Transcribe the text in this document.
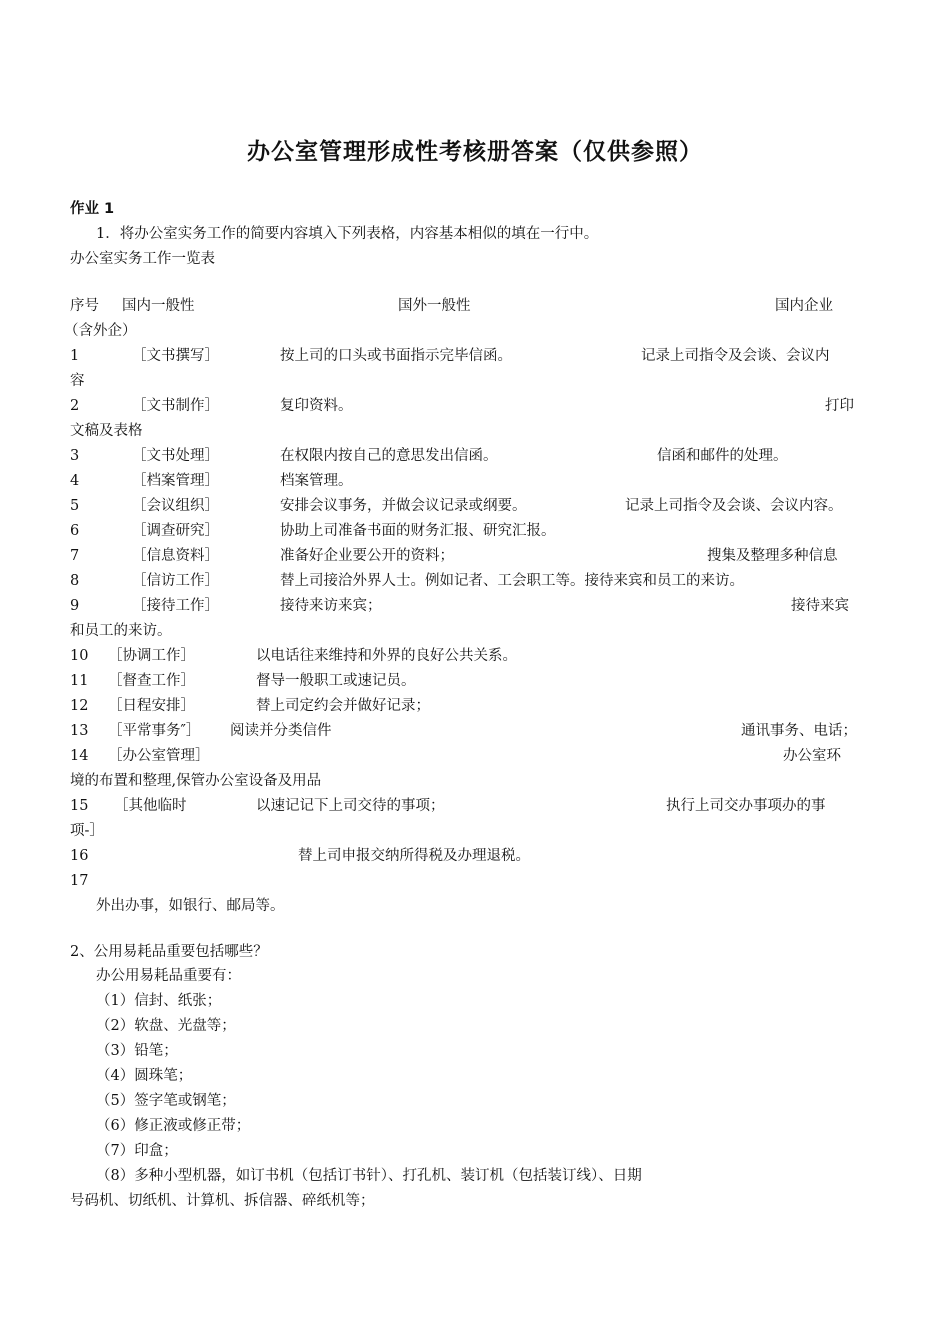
办公室管理形成性考核册答案（仅供参照）
作业 1
1．将办公室实务工作的简要内容填入下列表格，内容基本相似的填在一行中。
办公室实务工作一览表
序号 国内一般性	国外一般性	国内企业
（含外企）
1	［文书撰写］	按上司的口头或书面指示完毕信函。	记录上司指令及会谈、会议内
容
2	［文书制作］	复印资料。	打印
文稿及表格
3	［文书处理］	在权限内按自己的意思发出信函。	信函和邮件的处理。
4	［档案管理］	档案管理。
5	［会议组织］	安排会议事务，并做会议记录或纲要。	记录上司指令及会谈、会议内容。
6	［调查研究］	协助上司准备书面的财务汇报、研究汇报。
7	［信息资料］	准备好企业要公开的资料；	搜集及整理多种信息
8	［信访工作］	替上司接洽外界人士。例如记者、工会职工等。接待来宾和员工的来访。
9	［接待工作］	接待来访来宾；	接待来宾
和员工的来访。
10 ［协调工作］	以电话往来维持和外界的良好公共关系。
11 ［督查工作］	督导一般职工或速记员。
12 ［日程安排］	替上司定约会并做好记录；
13 ［平常事务″］ 阅读并分类信件	通讯事务、电话；
14 ［办公室管理］	办公室环
境的布置和整理,保管办公室设备及用品
15 ［其他临时	以速记记下上司交待的事项；	执行上司交办事项办的事
项-］
16	替上司申报交纳所得税及办理退税。
17
外出办事，如银行、邮局等。
2、公用易耗品重要包括哪些？
办公用易耗品重要有：
（1）信封、纸张；
（2）软盘、光盘等；
（3）铅笔；
（4）圆珠笔；
（5）签字笔或钢笔；
（6）修正液或修正带；
（7）印盒；
（8）多种小型机器，如订书机（包括订书针）、打孔机、装订机（包括装订线）、日期
号码机、切纸机、计算机、拆信器、碎纸机等；
